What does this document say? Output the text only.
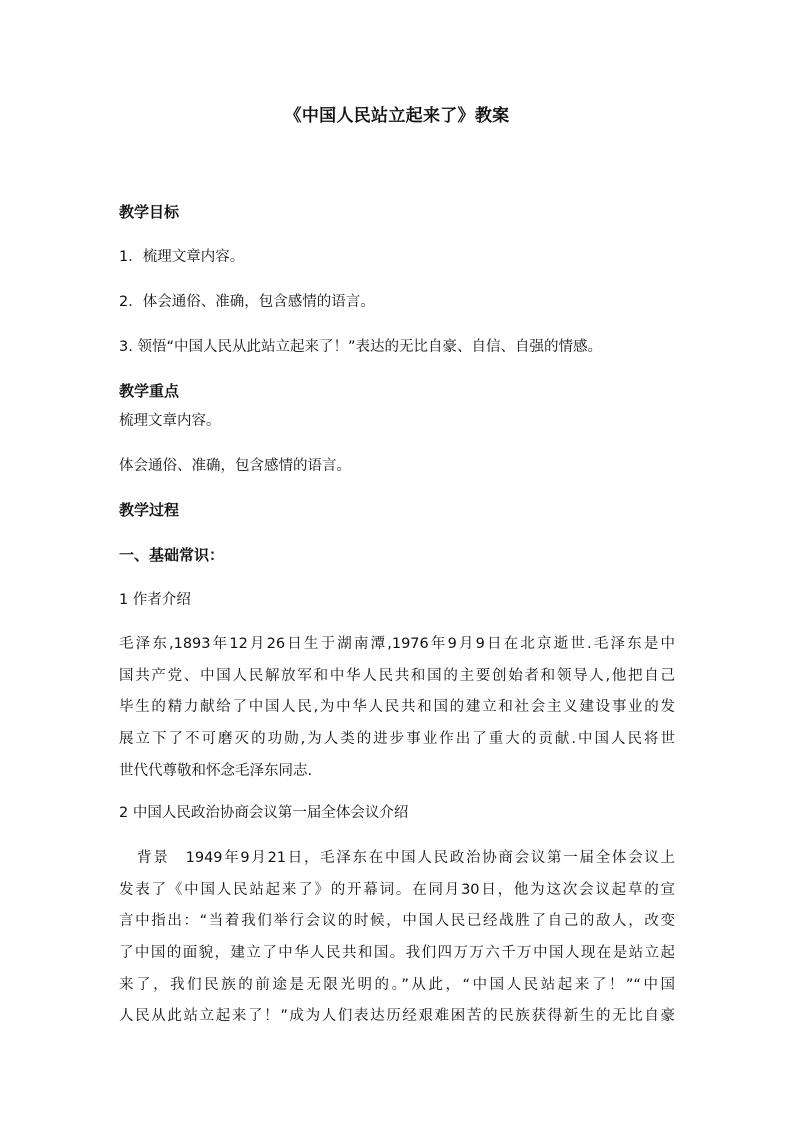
《中国人民站立起来了》教案
教学目标
1．梳理文章内容。
2．体会通俗、准确，包含感情的语言。
3. 领悟“中国人民从此站立起来了！”表达的无比自豪、自信、自强的情感。
教学重点
梳理文章内容。
体会通俗、准确，包含感情的语言。
教学过程
一、基础常识：
1 作者介绍
毛泽东,1893年12月26日生于湖南潭,1976年9月9日在北京逝世.毛泽东是中
国共产党、中国人民解放军和中华人民共和国的主要创始者和领导人,他把自己
毕生的精力献给了中国人民,为中华人民共和国的建立和社会主义建设事业的发
展立下了不可磨灭的功勋,为人类的进步事业作出了重大的贡献.中国人民将世
世代代尊敬和怀念毛泽东同志.
2 中国人民政治协商会议第一届全体会议介绍
背景　1949年9月21日，毛泽东在中国人民政治协商会议第一届全体会议上
发表了《中国人民站起来了》的开幕词。在同月30日，他为这次会议起草的宣
言中指出：“当着我们举行会议的时候，中国人民已经战胜了自己的敌人，改变
了中国的面貌，建立了中华人民共和国。我们四万万六千万中国人现在是站立起
来了，我们民族的前途是无限光明的。”从此，“中国人民站起来了！”“中国
人民从此站立起来了！”成为人们表达历经艰难困苦的民族获得新生的无比自豪
